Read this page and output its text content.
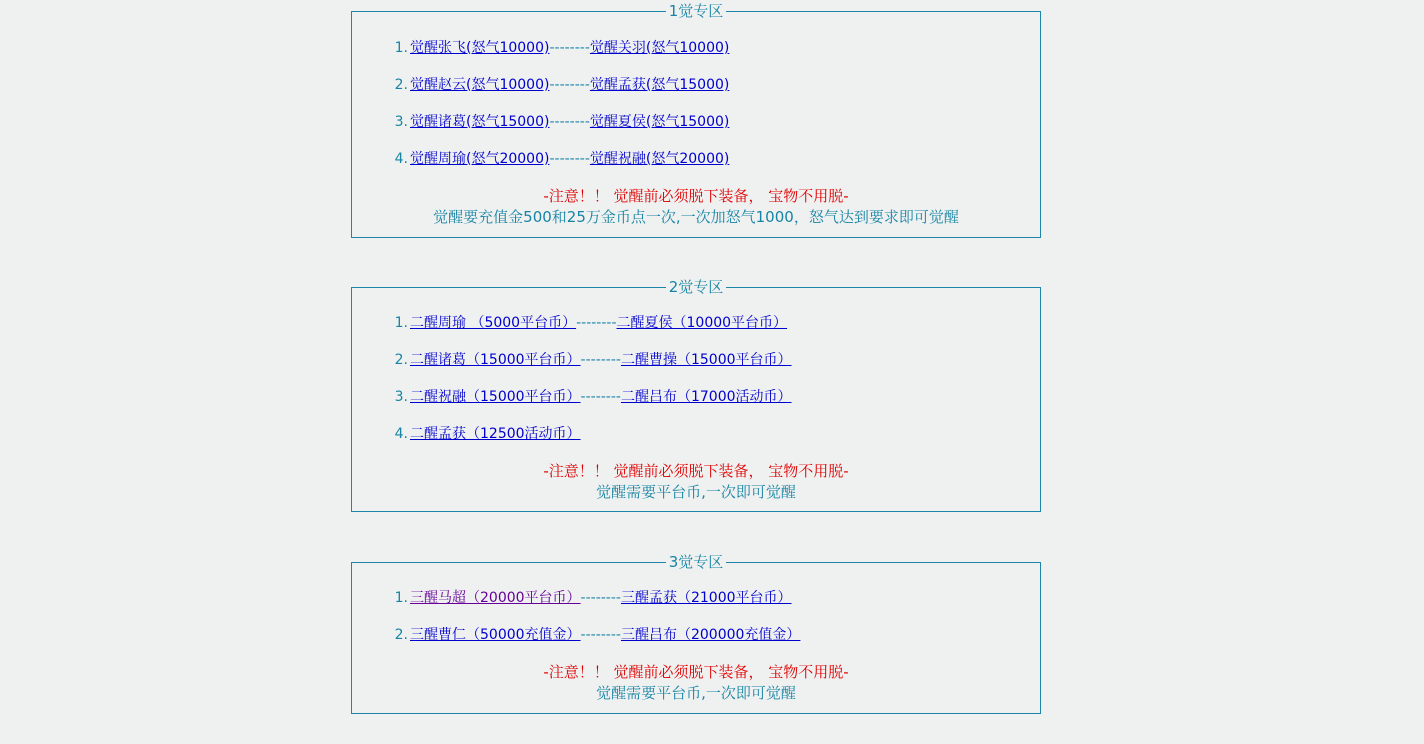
1觉专区
1. 觉醒张飞(怒气10000)--------觉醒关羽(怒气10000)
2. 觉醒赵云(怒气10000)--------觉醒孟获(怒气15000)
3. 觉醒诸葛(怒气15000)--------觉醒夏侯(怒气15000)
4. 觉醒周瑜(怒气20000)--------觉醒祝融(怒气20000)
-注意！！ 觉醒前必须脱下装备， 宝物不用脱-
觉醒要充值金500和25万金币点一次,一次加怒气1000，怒气达到要求即可觉醒
2觉专区
1. 二醒周瑜 （5000平台币）--------二醒夏侯（10000平台币）
2. 二醒诸葛（15000平台币）--------二醒曹操（15000平台币）
3. 二醒祝融（15000平台币）--------二醒吕布（17000活动币）
4. 二醒孟获（12500活动币）
-注意！！ 觉醒前必须脱下装备， 宝物不用脱-
觉醒需要平台币,一次即可觉醒
3觉专区
1. 三醒马超（20000平台币）--------三醒孟获（21000平台币）
2. 三醒曹仁（50000充值金）--------三醒吕布（200000充值金）
-注意！！ 觉醒前必须脱下装备， 宝物不用脱-
觉醒需要平台币,一次即可觉醒
